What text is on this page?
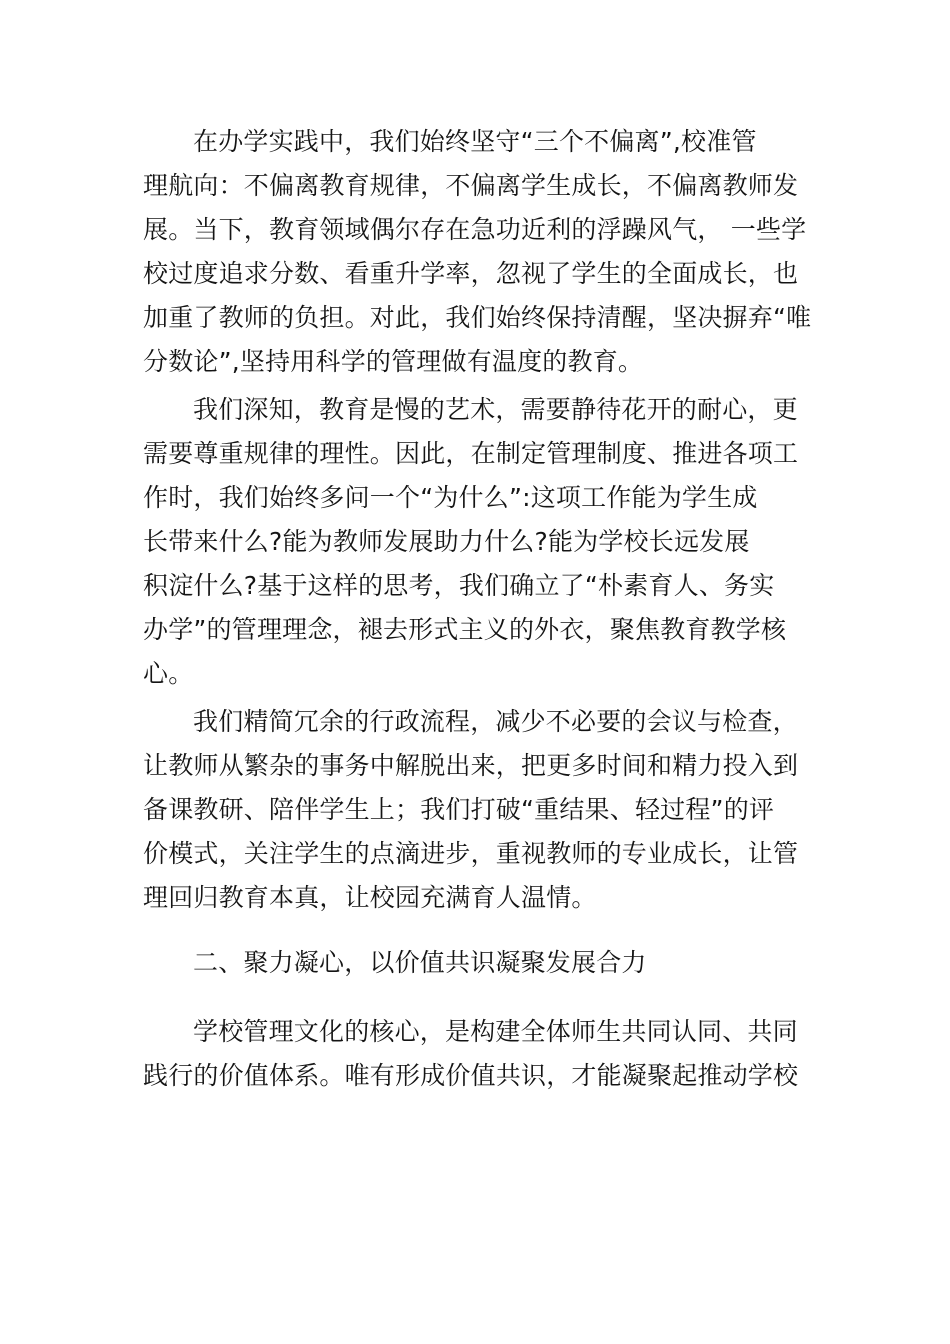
在办学实践中，我们始终坚守“三个不偏离”,校准管
理航向：不偏离教育规律，不偏离学生成长，不偏离教师发
展。当下，教育领域偶尔存在急功近利的浮躁风气， 一些学
校过度追求分数、看重升学率，忽视了学生的全面成长，也
加重了教师的负担。对此，我们始终保持清醒，坚决摒弃“唯
分数论”,坚持用科学的管理做有温度的教育。
我们深知，教育是慢的艺术，需要静待花开的耐心，更
需要尊重规律的理性。因此，在制定管理制度、推进各项工
作时，我们始终多问一个“为什么”:这项工作能为学生成
长带来什么?能为教师发展助力什么?能为学校长远发展
积淀什么?基于这样的思考，我们确立了“朴素育人、务实
办学”的管理理念，褪去形式主义的外衣，聚焦教育教学核
心。
我们精简冗余的行政流程，减少不必要的会议与检查，
让教师从繁杂的事务中解脱出来，把更多时间和精力投入到
备课教研、陪伴学生上；我们打破“重结果、轻过程”的评
价模式，关注学生的点滴进步，重视教师的专业成长，让管
理回归教育本真，让校园充满育人温情。
二、聚力凝心，以价值共识凝聚发展合力
学校管理文化的核心，是构建全体师生共同认同、共同
践行的价值体系。唯有形成价值共识，才能凝聚起推动学校
